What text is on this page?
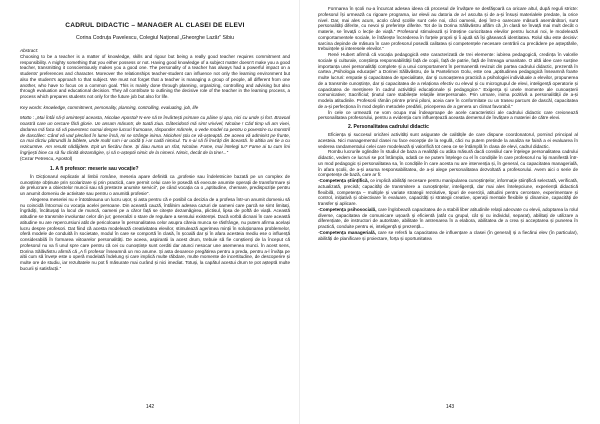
CADRUL DIDACTIC – MANAGER AL CLASEI DE ELEVI
Corina Codruța Pavelescu, Colegiul Național „Gheorghe Lazăr” Sibiu
Abstract:
Choosing to be a teacher is a matter of knowledge, skills and rigour but being a really good teacher requires commitment and responsibility. A mighty something that you either possess or not. Having good knowledge of a subject matter doesn't make you a good teacher, transmitting it conscientiously makes you a good one. The personality of a teacher has always had a powerful impact on a students' preferences and character. Moreover the relationships teacher-student can influence not only the learning environment but also the student's approach to that subject. We must not forget that a teacher is managing a group of people, all different from one another, who have to focus on a common goal. This is mainly done through planning, organizing, controlling and advising but also through evaluation and educational decision. They all contribute to outlining the decisive role of the teacher in the learning process, a process which prepares students not only for the future job but also for life.
Key words: knowledge, commitment, personality, planning, controlling, evaluating, job, life
Motto : „Mai întâi să-ți amintești aceasta, Nicolae Apostol! N-ere să te învârtești primare cu pâine și apa, nici cu unde și fort. Bravoal noastră care un cercare fără glorie. Un ansam măruntr, de toată ziua. Gâtecidosti mă simt vrivivel, Nicolae ! Căd timp vă am vivei, darlarea mă faca să vă povestesc numai despre lucruri frumoase, răspunder mărrele, o vede model ca pentru o povestire cu monstril de dascălec: Când vă vad plecând în lume însă, mi se strânge inima. Nicioheri știu ce vă-așteaptă. De aceea vă administ pe frunte, ca mai târziu pătrundă la biblete, unde multi rum i-ar ucidă ți i-ar cadă nimicul. Tu n-ai să fii învrăți din ăceastă. În altitia ani tie a cu rezicumtve. Am resutit nădâjdete. Epit un fiecăru fane. Și ăiau numa un sfat, Nicolae. Fame, mai întelegi tu? Fame ai tu cum îmi îngrijești bine ca să fiu clinită dezamăgire, și să n-așteptii nimic de la nimeni. Nimic, decât de la tine!...”
(Cezar Petrescu, Apostol)
1. A fi profesor: meserie sau vocație?

În Dicționarul explicativ al limbii române, meseria apare definită ca „profesie sau îndeletnicire bazată pe un complex de cunoștințe obținute prin școlarizare și prin practică, care permit celui care le posedă să execute anumite operații de transformare și de prelucrare a obiectelor muncii sau să presteze anumite servicii”, pe când vocația ca o „aptitudine, chemare, predispoziție pentru un anumit domeniu de activitate sau pentru o anumită profesie”.

Alegerea meseriei nu e întotdeauna un lucru ușor, și asta pentru că e posibil ca decizia de a profesa într-un anumit domeniu să nu coincidă întocmai cu vocația acelei persoane. Din aceastǎ cauză, întâlnim adesea cazuri de oameni care parcă se simt limitați, îngrădiți, încătușați la locul de muncă, oameni pe a căror față se citește dezamăgirea, plictisul, lipsa de poftă de viață. Această atitudine se transmite involuntar celor din jur; generalizi o stare de regulare a sensului existenței. Dacă vorbă dicnani în care aceastǎ atitudine nu are repercursiuni atât de pericoloase în personalitatea celor asupra căreia munca se răsfrânge, nu putem afirma același lucru despre profesori. Dat fiind că acesta modelează creativitatea elevilor, stimulează agerimea minții în soluționarea problemelor, oferă modele de conduită în societate, modul în care se comportă în clasă, în școală dar și în afara acesteia mediu ese o influență considerabilă în formarea viitoarelor personalități. De aceea, aspirantii la acest drum, trebuie să fie conștienți de la început că profesorul nu va fi unul spre care pentru că cei cu cunoștințe sunt cerditi dar atunci nesocar une asemenea munci. În acest sens, Dorina Sălăvăstru afirmă că „A fi profesor înseamnă un mo anume. Și asta deoarece pregătirea pentru a preda, pentru a-l învăța pe altii cum să învețe este o operă modelată îndelung și care implică multe răbdare, multe momente de incertitudine, de descoperire și multe ore de studiu, iar rezultatele nu pot fi măsurate mai curând și nici imediat. Totuși, la capătul acestui drum te pot așteptă multe bucurii și satisfacții.”

142

Formarea în școli nu-a încurcat adesea ideea că procesul de învățare se desfășoară ca oricare altul, după reguli stricte: profesorul își urmează cu rigoare programa, iar elevii au datoria de a-l asculta și de a-și însuși materialele predate, la orice nivel. Dar, mai ales acum, acolo când școlile sunt cele noi, căci oamenii, deși într-o oarecare măsură asemănători, sunt personalități diferite, cu nevoi și preferințe diferite. Tot de la Dorina Sălăvăstru aflăm că „În clasă se învață mai mult decât o materie, se învață o lecție de viață.” Profesorul stimulează și întreține curiozitatea elevilor pentru lucruri noi, le modelează comportamentele sociale, le întărește încrederea în forțele proprii și îi ajută să își găsească identitatea. Rolul său este decisiv: sarcina depinde de măsura în care profesorul posedă calitatea și competențele necesare centrării cu precădere pe așteptările, trebuințele și interesele elevilor.”

René Hubert afirmă că vocația pedagogică este caracterizată de trei elemente: iubirea pedagogică, credința în valorile sociale și culturale, conștiința responsabilității față de copii, față de patrie, față de întreaga umanitate. O altă idee care susține importanța unei personalități complete și a unui comportament în permanentă revizuit din partea cadrului didactic, prezentă în cartea „Psihologia educației” a Dorinei Sălăvăstru, de la Pantelimon Golu, este cea „aptitudinea pedagogică înseamnă foarte multe lucruri: empatie și capacitatea de specialitate, dar și cunoașterea practică a psihologiei individuale a elevilor, propunerea de a transmite cunoștințe, dar și capacitatea de a relaționa efectiv cu elevul și cu microgrupul de elevi, inteligență operatorie și capacitatea de menținere în cadrul activității educaționale și pedagogice.” Exigența și unele momente ale cunoașterii comunicative; Sacrificiul; ținutul care stabilește relațiile interpersonale. Prin urmare, inima pozitivă a personalității de a-și modela atitudinile. Profesorii rămân printre primii piloni, aceia care în conformitate cu un traseu parcurs de dascăl, capacitatea de a-și perfecționa în mod deplin metodele predării, priceperea de a genera un climat favorabil.”

În cele ce urmează ne vom ocupa mai îndeaproape de acele caracteristici ale cadrului didactic care creionează personalitatea profesorului, pentru a evidenția cum influențează aceasta demersul de învățare a materiei de către elevi.

2. Personalitatea cadrului didactic

Eficiența și succesul oricărei activități sunt asigurate de calitățile de care dispune coordonatorul, pornind principal al acesteia. Nici managementul clasei nu face excepție de la regulă, căci nu putem pretinde la analiza se faină a ei evaluarea în vederea randamentului celei care modelează și valorifică tot ceea ce se întâmplă în clasa de elevi, cadrul didactic.

Rombu lucrurile oglindite în studiul de baza a realității cu atâta măsură dacă consiliul care înțelege personalitatea cadrului didactic, vedem ce lucruri se pot întâmpla, odată ce ne putem înțelege cu el în condițiile în care profesorul nu își manifestă într-un mod pedagogic și personalitatea sa, în condițiile în care acesta nu are intervenția și, în general, cu capacitatea managerială, în afara școlii, de a-și asuma responsabilitatea, de a-și alege personalitatea dezvoltată a profesorului. Avem aici o serie de competențe de bază, care ar fi:

-Competența științifică, ce implică abilități necesare pentru manipularea cunoștințelor, informație științifică selectată, verificată, actualizată, precisă; capacități de transmitere a cunoștințelor, inteligență, dar mai ales întelepciune, experiență didactică flexibilă, competența – multiple și variate strategii rezolutive, tipuri de exerciții, atitudini pentru cercetare, experimentare și control, inițiativă și obiectivare în evaluare, capacități și strategii creative, operații mentale flexibile și dinamice, capacități de transfer și aplicare.

-Competența psihosocială, care înglobează capacitatea de a stabili liber atitudinile relații adecvate cu elevii, adoptarea la rolul diverse, capacitatea de comunicare ușoară și eficientă (atât cu grupul, cât și cu individul, separat), abilitați de utilizare a diferențiate, de instructori de autoritate, abilitate în antrenarea în a elabora, abilitatea de a crea și acceptarea și punerea în practică, conduite pentru ei, inteligență și prezență...

-Competența managerială, care se referă la capacitatea de influențare a clasei (în general) și a fiecărui elev (în particular), abilități de planificare și proiectare, forța și oportunitatea

143
